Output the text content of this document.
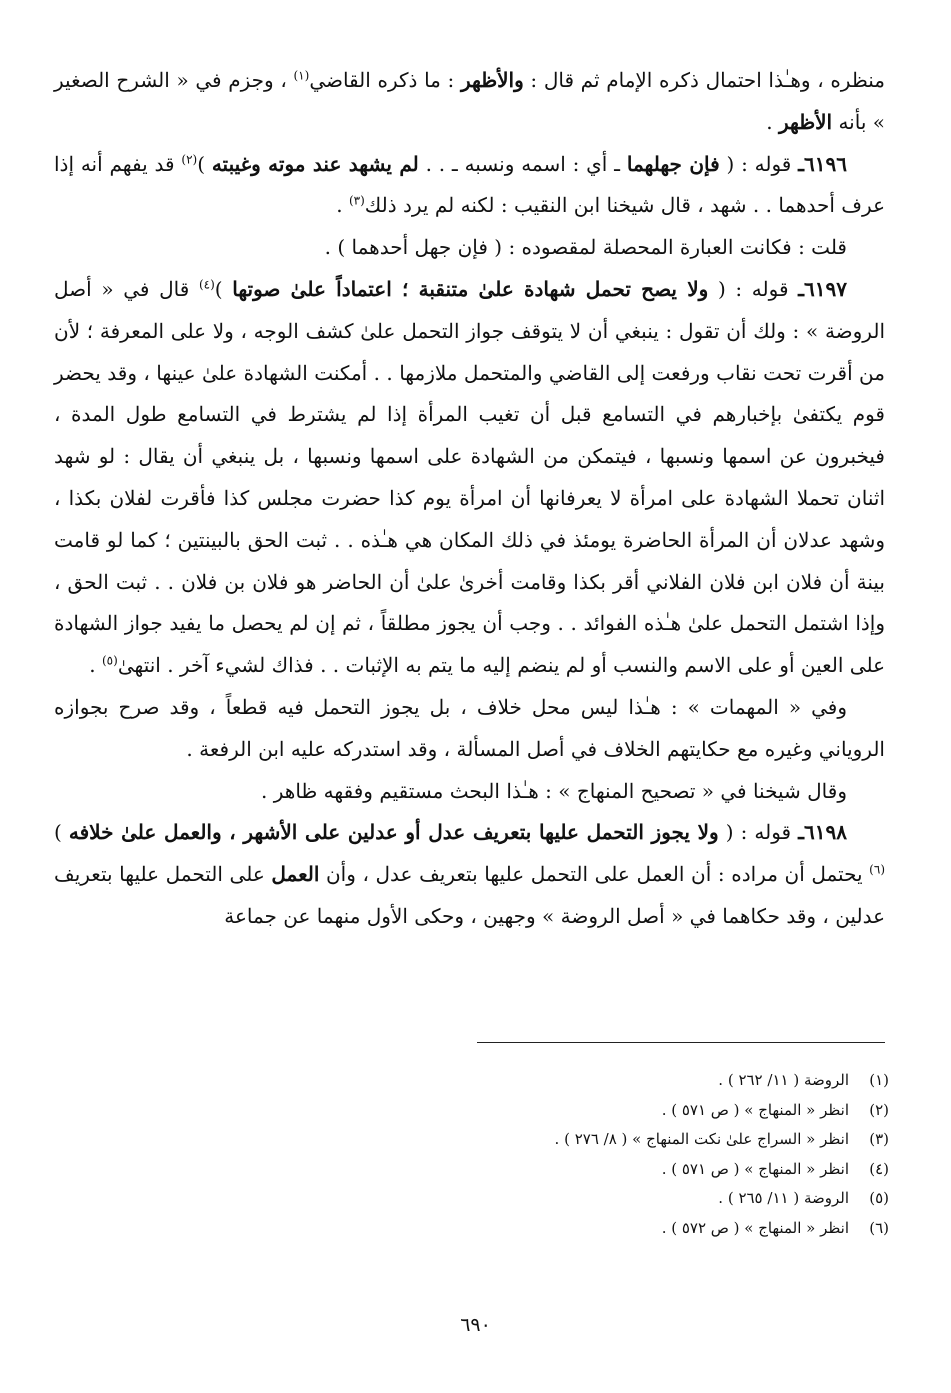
منظره ، وهـٰذا احتمال ذكره الإمام ثم قال : والأظهر : ما ذكره القاضي$^{(١)}$ ، وجزم في « الشرح الصغير » بأنه الأظهر .

٦١٩٦ـ قوله : ( فإن جهلهما ـ أي : اسمه ونسبه ـ . . لم يشهد عند موته وغيبته )$^{(٢)}$ قد يفهم أنه إذا عرف أحدهما . . شهد ، قال شيخنا ابن النقيب : لكنه لم يرد ذلك$^{(٣)}$ .

قلت : فكانت العبارة المحصلة لمقصوده : ( فإن جهل أحدهما ) .

٦١٩٧ـ قوله : ( ولا يصح تحمل شهادة علىٰ متنقبة ؛ اعتماداً علىٰ صوتها )$^{(٤)}$ قال في « أصل الروضة » : ولك أن تقول : ينبغي أن لا يتوقف جواز التحمل علىٰ كشف الوجه ، ولا على المعرفة ؛ لأن من أقرت تحت نقاب ورفعت إلى القاضي والمتحمل ملازمها . . أمكنت الشهادة علىٰ عينها ، وقد يحضر قوم يكتفىٰ بإخبارهم في التسامع قبل أن تغيب المرأة إذا لم يشترط في التسامع طول المدة ، فيخبرون عن اسمها ونسبها ، فيتمكن من الشهادة على اسمها ونسبها ، بل ينبغي أن يقال : لو شهد اثنان تحملا الشهادة على امرأة لا يعرفانها أن امرأة يوم كذا حضرت مجلس كذا فأقرت لفلان بكذا ، وشهد عدلان أن المرأة الحاضرة يومئذ في ذلك المكان هي هـٰذه . . ثبت الحق بالبينتين ؛ كما لو قامت بينة أن فلان ابن فلان الفلاني أقر بكذا وقامت أخرىٰ علىٰ أن الحاضر هو فلان بن فلان . . ثبت الحق ، وإذا اشتمل التحمل علىٰ هـٰذه الفوائد . . وجب أن يجوز مطلقاً ، ثم إن لم يحصل ما يفيد جواز الشهادة على العين أو على الاسم والنسب أو لم ينضم إليه ما يتم به الإثبات . . فذاك لشيء آخر . انتهىٰ$^{(٥)}$ .

وفي « المهمات » : هـٰذا ليس محل خلاف ، بل يجوز التحمل فيه قطعاً ، وقد صرح بجوازه الروياني وغيره مع حكايتهم الخلاف في أصل المسألة ، وقد استدركه عليه ابن الرفعة .

وقال شيخنا في « تصحيح المنهاج » : هـٰذا البحث مستقيم وفقهه ظاهر .

٦١٩٨ـ قوله : ( ولا يجوز التحمل عليها بتعريف عدل أو عدلين على الأشهر ، والعمل علىٰ خلافه )$^{(٦)}$ يحتمل أن مراده : أن العمل على التحمل عليها بتعريف عدل ، وأن العمل على التحمل عليها بتعريف عدلين ، وقد حكاهما في « أصل الروضة » وجهين ، وحكى الأول منهما عن جماعة

(١)الروضة ( ١١/ ٢٦٢ ) .
(٢)انظر « المنهاج » ( ص ٥٧١ ) .
(٣)انظر « السراج علىٰ نكت المنهاج » ( ٨/ ٢٧٦ ) .
(٤)انظر « المنهاج » ( ص ٥٧١ ) .
(٥)الروضة ( ١١/ ٢٦٥ ) .
(٦)انظر « المنهاج » ( ص ٥٧٢ ) .
٦٩٠
